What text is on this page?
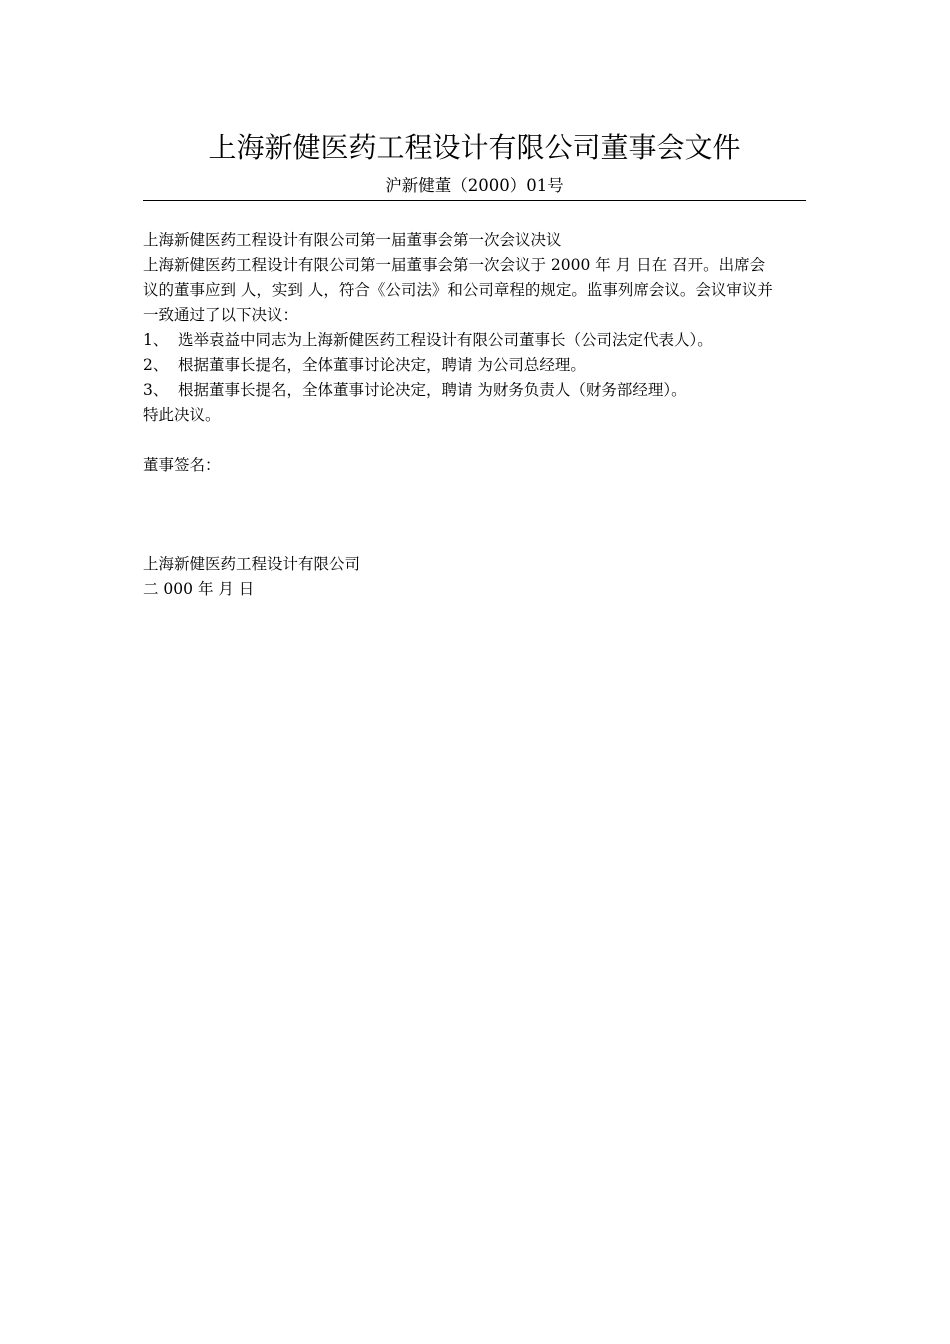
上海新健医药工程设计有限公司董事会文件
沪新健董（2000）01号
上海新健医药工程设计有限公司第一届董事会第一次会议决议
上海新健医药工程设计有限公司第一届董事会第一次会议于 2000 年 月 日在 召开。出席会
议的董事应到 人，实到 人，符合《公司法》和公司章程的规定。监事列席会议。会议审议并
一致通过了以下决议：
1、 选举袁益中同志为上海新健医药工程设计有限公司董事长（公司法定代表人）。
2、 根据董事长提名，全体董事讨论决定，聘请 为公司总经理。
3、 根据董事长提名，全体董事讨论决定，聘请 为财务负责人（财务部经理）。
特此决议。
董事签名：
上海新健医药工程设计有限公司
二 000 年 月 日
